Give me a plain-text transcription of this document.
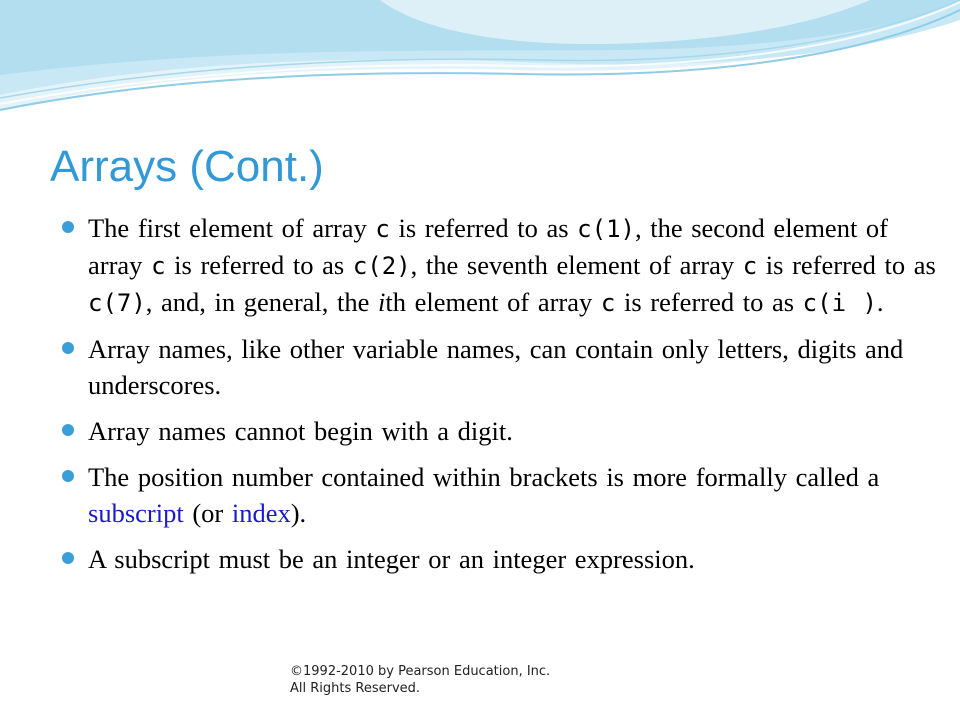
Arrays (Cont.)
The first element of array c is referred to as c(1), the second element of array c is referred to as c(2), the seventh element of array c is referred to as c(7), and, in general, the ith element of array c is referred to as c(i ).
Array names, like other variable names, can contain only letters, digits and underscores.
Array names cannot begin with a digit.
The position number contained within brackets is more formally called a subscript (or index).
A subscript must be an integer or an integer expression.
©1992-2010 by Pearson Education, Inc.
All Rights Reserved.
